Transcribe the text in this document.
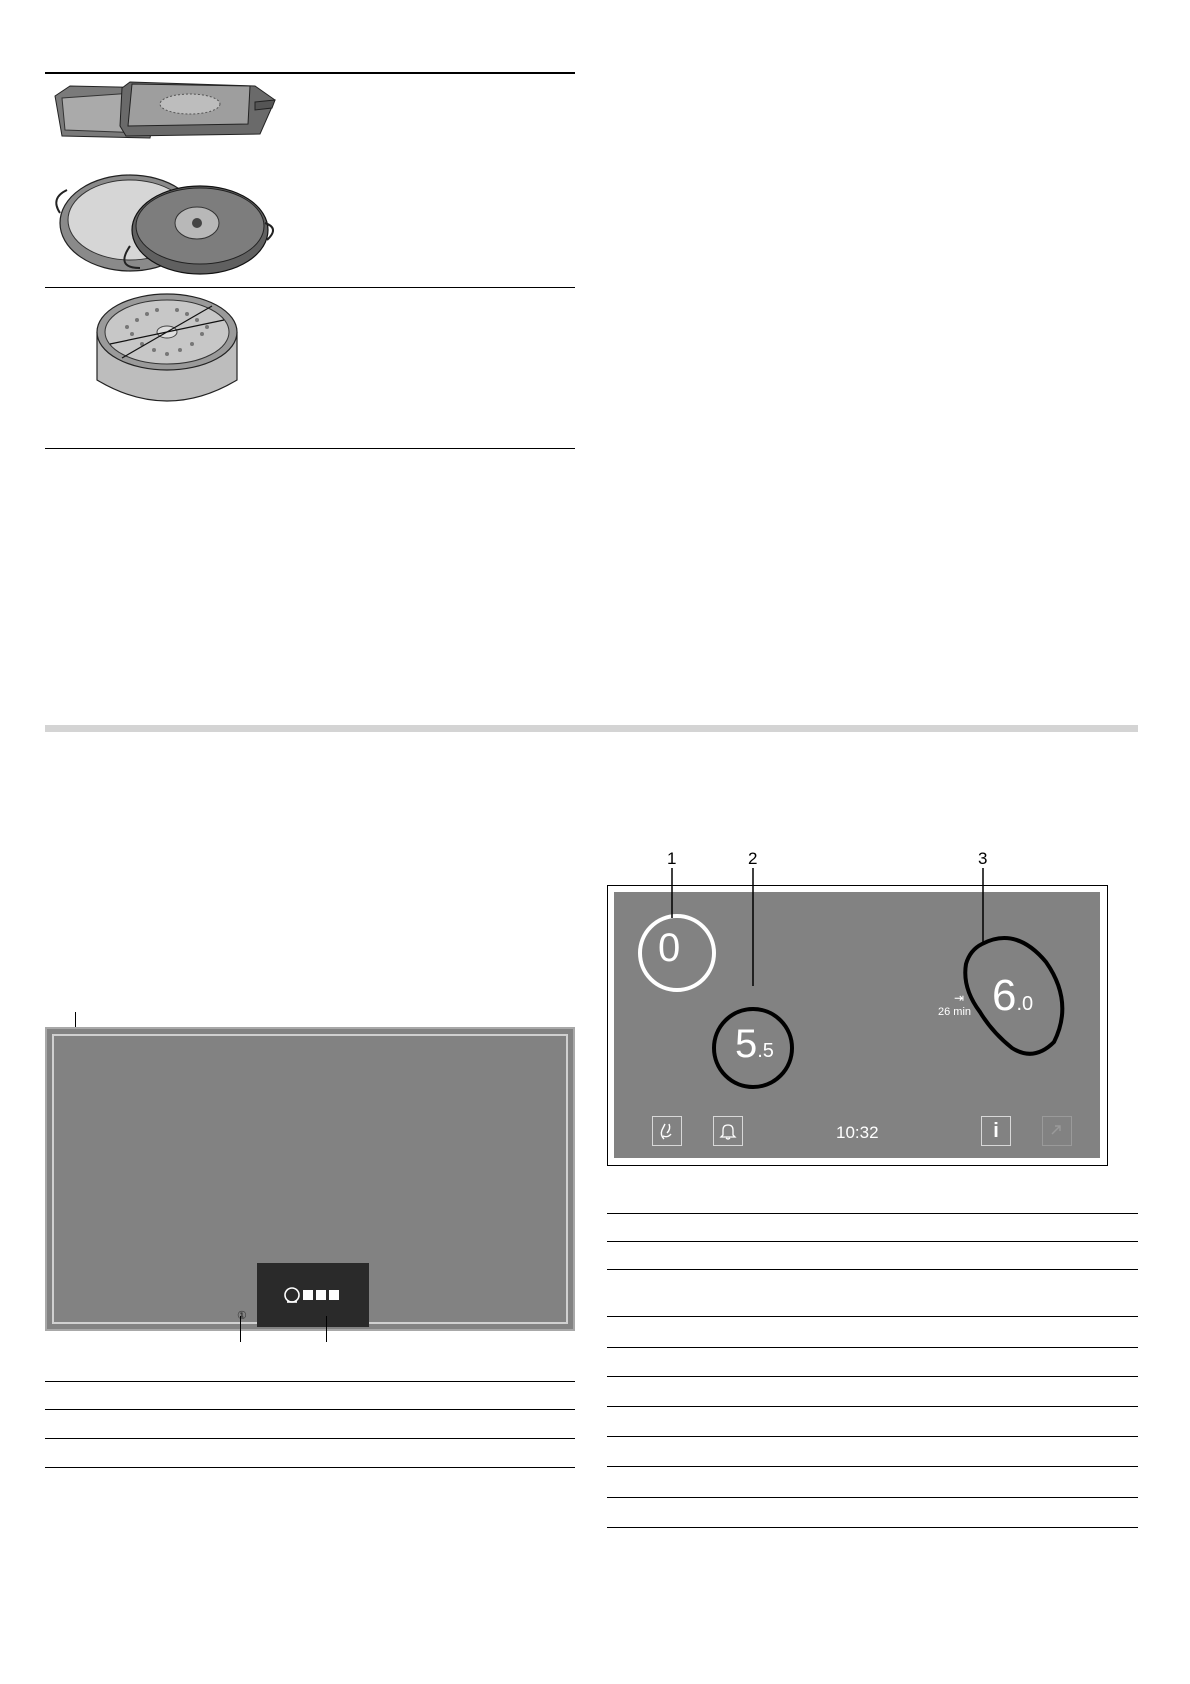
①
1	2	3
0
5.5
6.0
⇥
26 min
10:32	i
